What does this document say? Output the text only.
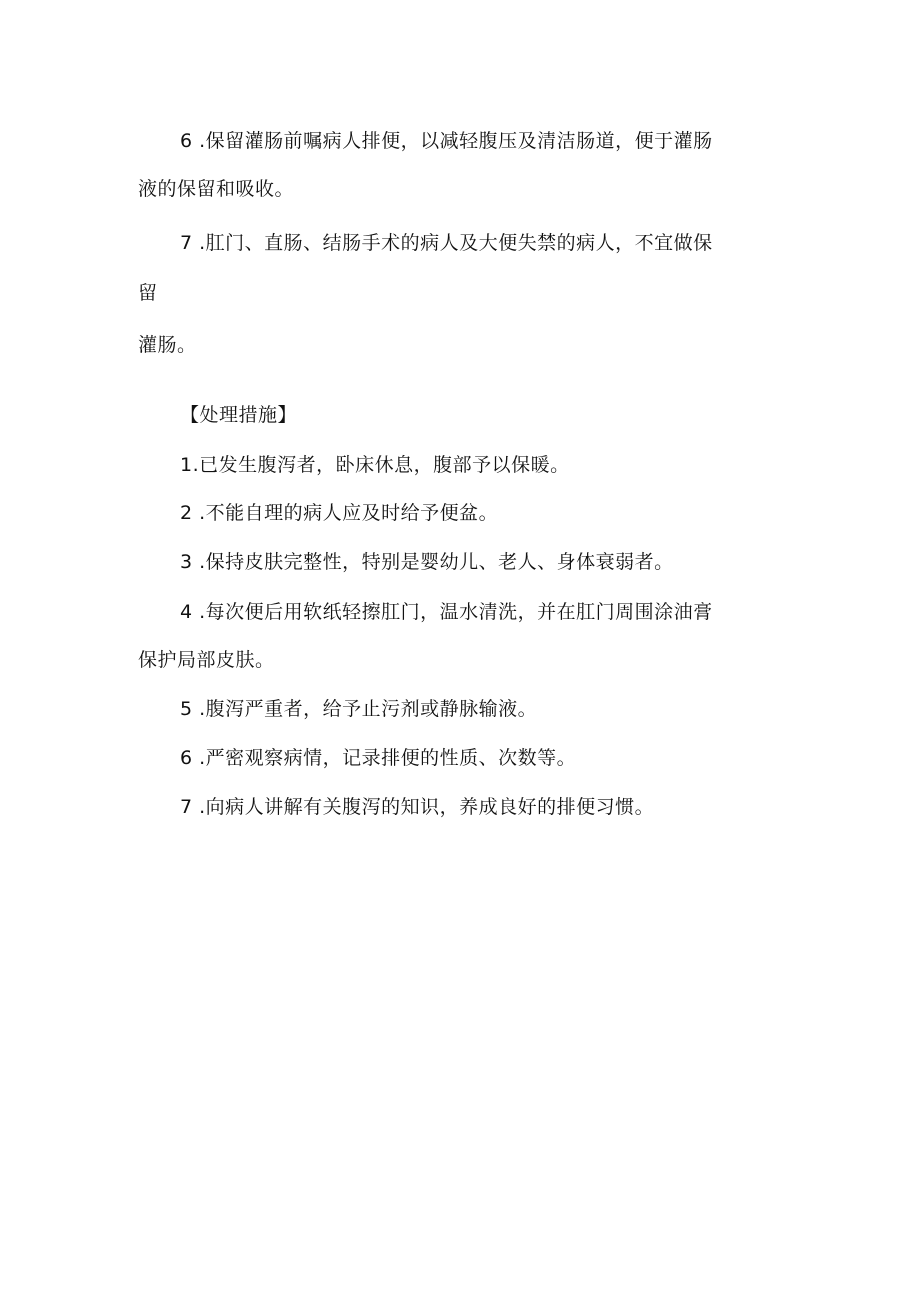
6 .保留灌肠前嘱病人排便，以减轻腹压及清洁肠道，便于灌肠
液的保留和吸收。
7 .肛门、直肠、结肠手术的病人及大便失禁的病人，不宜做保
留
灌肠。
【处理措施】
1.已发生腹泻者，卧床休息，腹部予以保暖。
2 .不能自理的病人应及时给予便盆。
3 .保持皮肤完整性，特别是婴幼儿、老人、身体衰弱者。
4 .每次便后用软纸轻擦肛门，温水清洗，并在肛门周围涂油膏
保护局部皮肤。
5 .腹泻严重者，给予止污剂或静脉输液。
6 .严密观察病情，记录排便的性质、次数等。
7 .向病人讲解有关腹泻的知识，养成良好的排便习惯。
